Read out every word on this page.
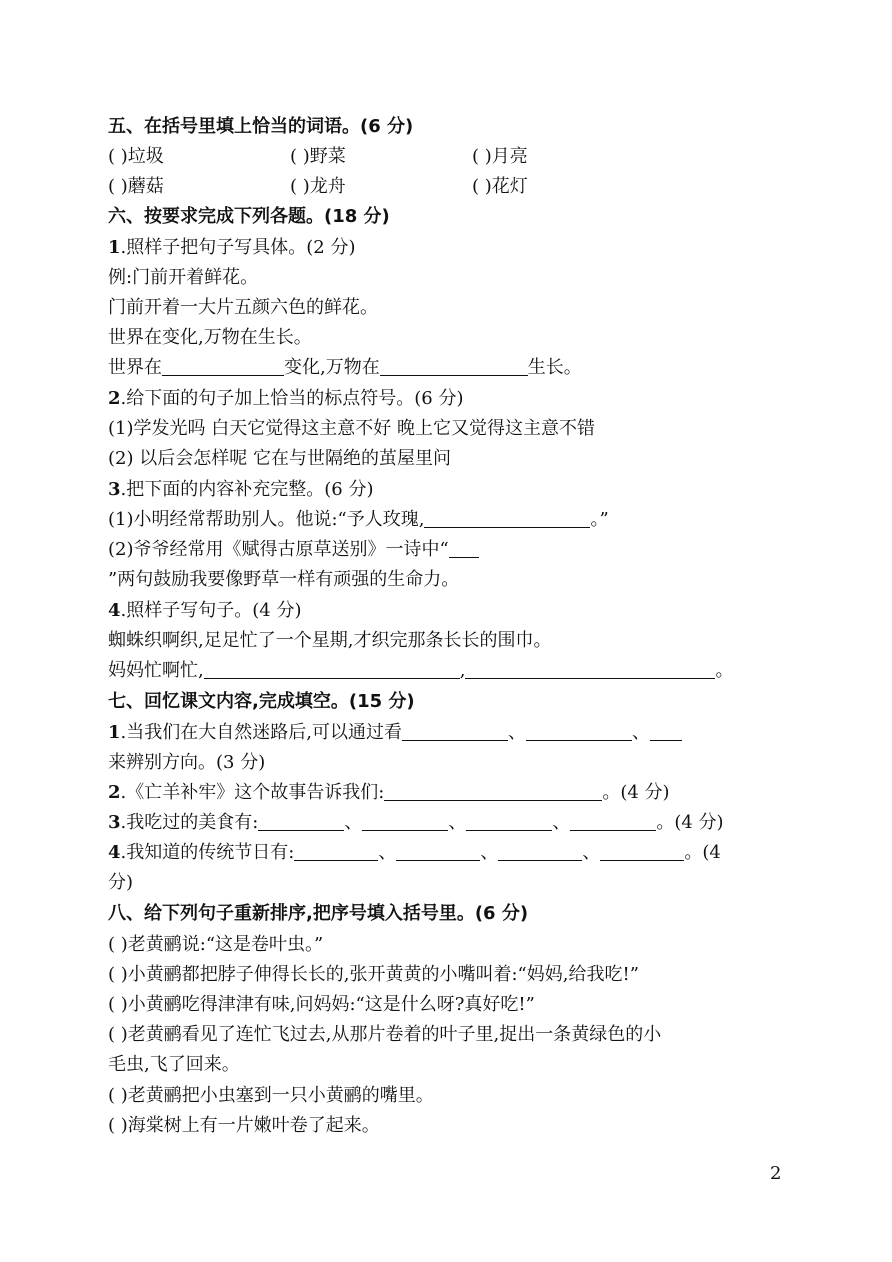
五、在括号里填上恰当的词语。(6 分)
( )垃圾	( )野菜	( )月亮
( )蘑菇	( )龙舟	( )花灯
六、按要求完成下列各题。(18 分)
1.照样子把句子写具体。(2 分)
例:门前开着鲜花。
门前开着一大片五颜六色的鲜花。
世界在变化,万物在生长。
世界在	变化,万物在	生长。
2.给下面的句子加上恰当的标点符号。(6 分)
(1)学发光吗 白天它觉得这主意不好 晚上它又觉得这主意不错
(2) 以后会怎样呢 它在与世隔绝的茧屋里问
3.把下面的内容补充完整。(6 分)
(1)小明经常帮助别人。他说:“予人玫瑰,	。”
(2)爷爷经常用《赋得古原草送别》一诗中“
”两句鼓励我要像野草一样有顽强的生命力。
4.照样子写句子。(4 分)
蜘蛛织啊织,足足忙了一个星期,才织完那条长长的围巾。
妈妈忙啊忙,	,	。
七、回忆课文内容,完成填空。(15 分)
1.当我们在大自然迷路后,可以通过看	、	、
来辨别方向。(3 分)
2.《亡羊补牢》这个故事告诉我们:	。(4 分)
3.我吃过的美食有:	、	、	、	。(4 分)
4.我知道的传统节日有:	、	、	、	。(4
分)
八、给下列句子重新排序,把序号填入括号里。(6 分)
( )老黄鹂说:“这是卷叶虫。”
( )小黄鹂都把脖子伸得长长的,张开黄黄的小嘴叫着:“妈妈,给我吃!”
( )小黄鹂吃得津津有味,问妈妈:“这是什么呀?真好吃!”
( )老黄鹂看见了连忙飞过去,从那片卷着的叶子里,捉出一条黄绿色的小
毛虫,飞了回来。
( )老黄鹂把小虫塞到一只小黄鹂的嘴里。
( )海棠树上有一片嫩叶卷了起来。
2
